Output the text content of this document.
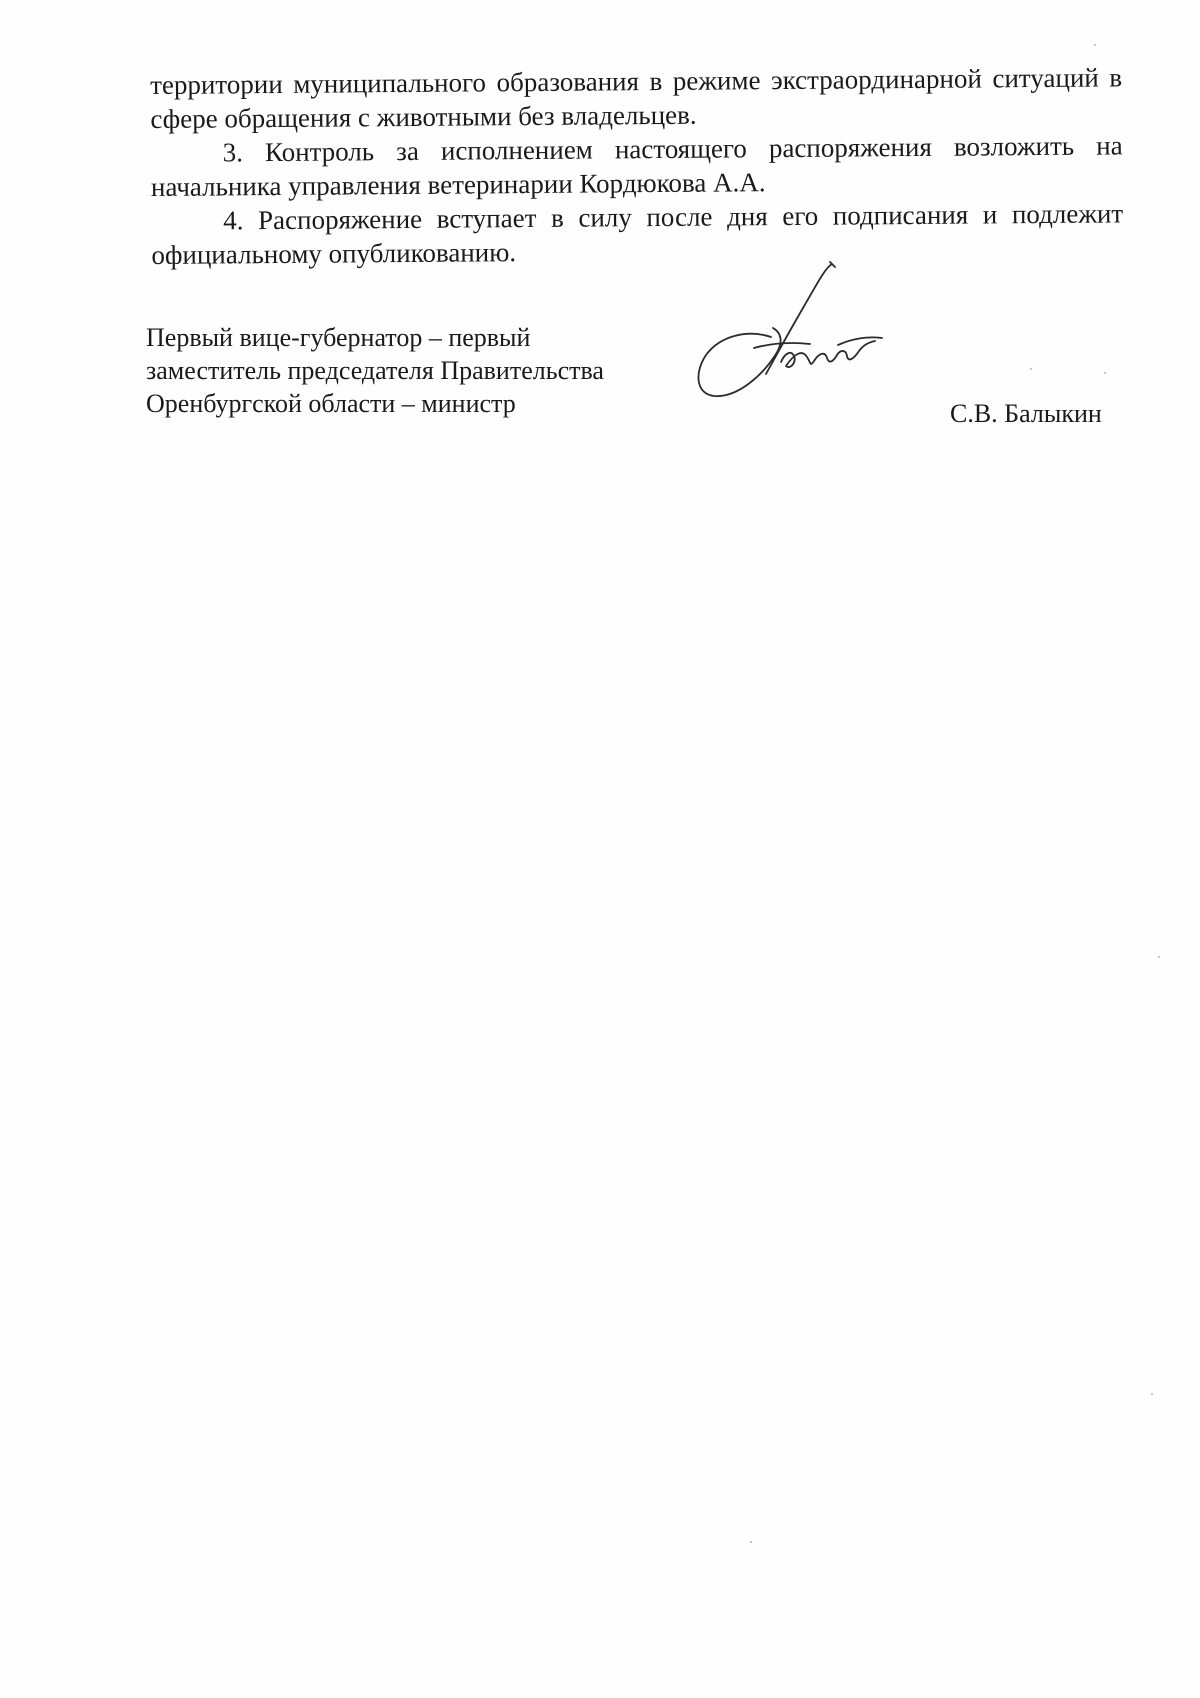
территории муниципального образования в режиме экстраординарной ситуаций в сфере обращения с животными без владельцев.

3. Контроль за исполнением настоящего распоряжения возложить на начальника управления ветеринарии Кордюкова А.А.

4. Распоряжение вступает в силу после дня его подписания и подлежит официальному опубликованию.

Первый вице-губернатор – первый
заместитель председателя Правительства
Оренбургской области – министр	С.В. Балыкин
